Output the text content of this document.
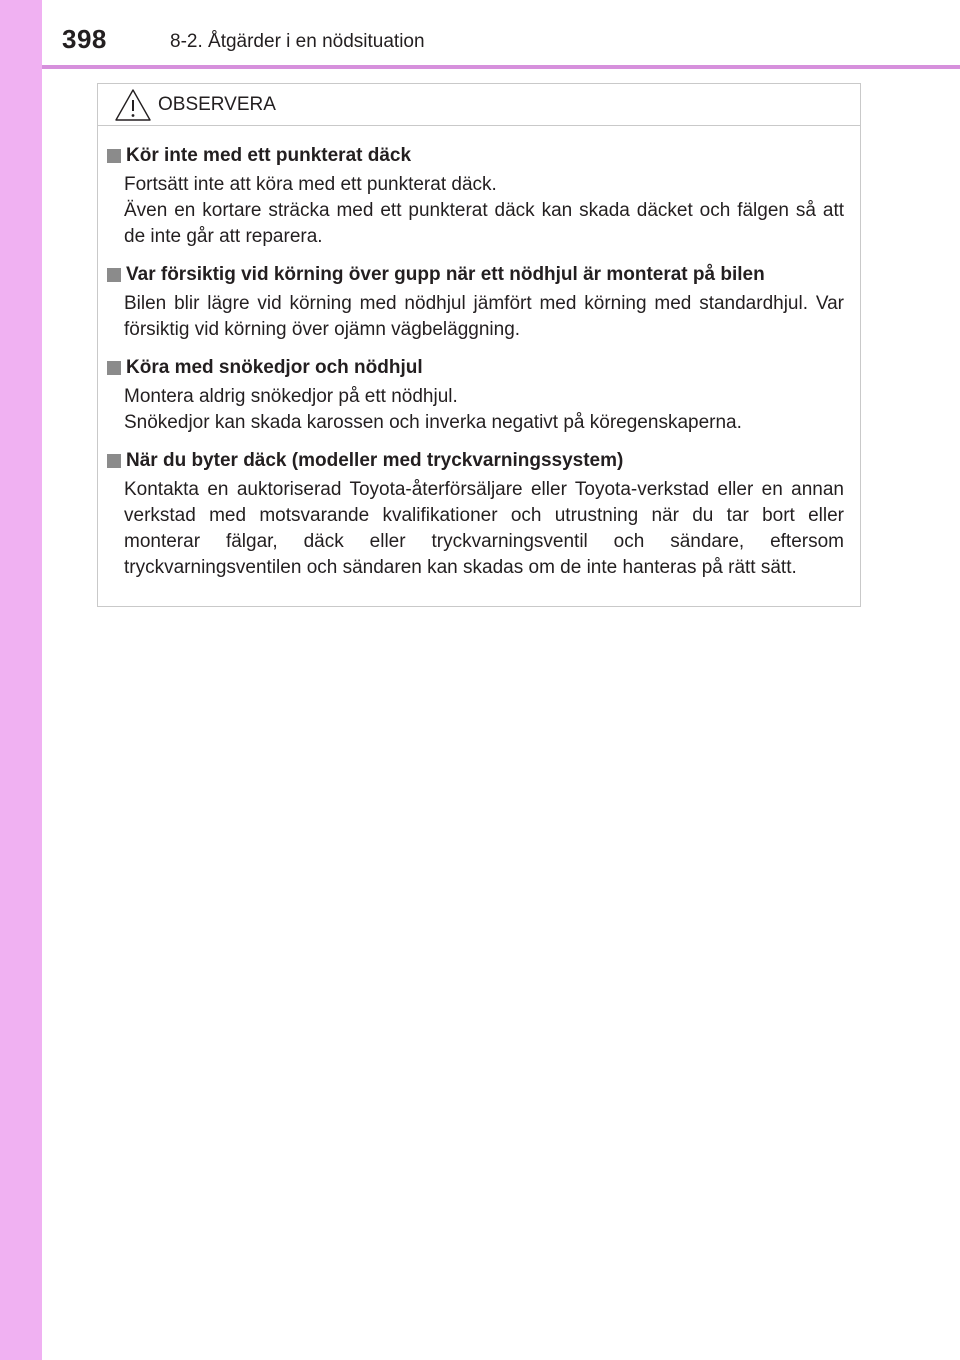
398	8-2. Åtgärder i en nödsituation
OBSERVERA
Kör inte med ett punkterat däck

Fortsätt inte att köra med ett punkterat däck.

Även en kortare sträcka med ett punkterat däck kan skada däcket och fälgen så att de inte går att reparera.

Var försiktig vid körning över gupp när ett nödhjul är monterat på bilen

Bilen blir lägre vid körning med nödhjul jämfört med körning med standardhjul. Var försiktig vid körning över ojämn vägbeläggning.

Köra med snökedjor och nödhjul

Montera aldrig snökedjor på ett nödhjul.

Snökedjor kan skada karossen och inverka negativt på köregenskaperna.

När du byter däck (modeller med tryckvarningssystem)

Kontakta en auktoriserad Toyota-återförsäljare eller Toyota-verkstad eller en annan verkstad med motsvarande kvalifikationer och utrustning när du tar bort eller monterar fälgar, däck eller tryckvarningsventil och sändare, eftersom tryckvarningsventilen och sändaren kan skadas om de inte hanteras på rätt sätt.
